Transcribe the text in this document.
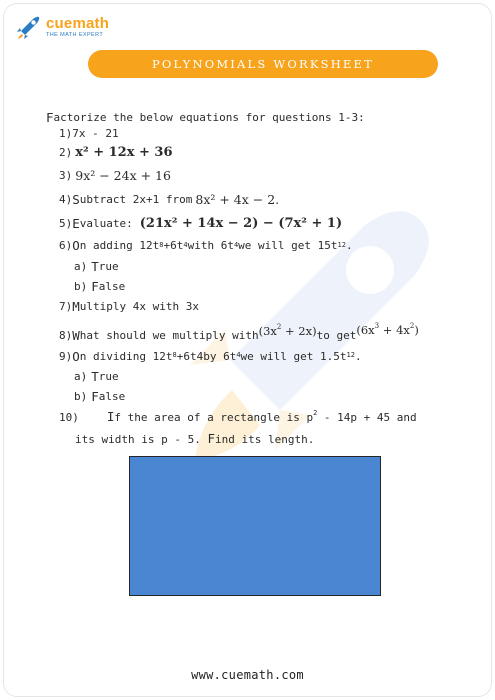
cuemath
THE MATH EXPERT
POLYNOMIALS WORKSHEET
F actorize the below equations for questions 1-3:
1) 7x - 21
2) x² + 12x + 36
3) 9x² − 24x + 16
4) S ubtract 2x+1 from 8x² + 4x − 2.
5) E valuate: (21x² + 14x − 2) − (7x² + 1)
6) O n adding $12t^8 +6t^4$ with $6t^4$ we will get $15t^{12}$ .
a) T rue
b) F alse
7) M ultiply 4x with 3x
8) W hat should we multiply with $(3x^2 + 2x)$ to get $(6x^3 + 4x^2)$
9) O n dividing $12t^8 +6t4by$ $6t^4$ we will get $1.5t^{12}$ .
a) T rue
b) F alse
10) If the area of a rectangle is $p^2 - 14p + 45$ and
its width is p - 5. Find its length.
www.cuemath.com
